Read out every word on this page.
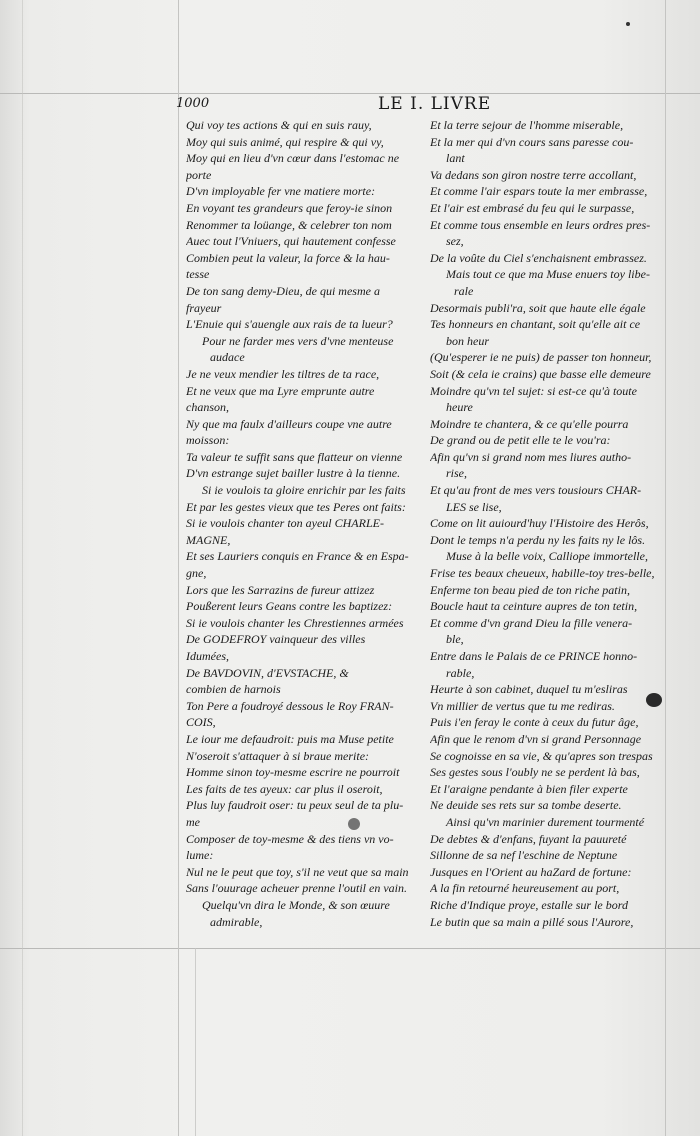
1000	LE I. LIVRE
Qui voy tes actions & qui en suis rauy,
Moy qui suis animé, qui respire & qui vy,
Moy qui en lieu d'vn cœur dans l'estomac ne
porte
D'vn imployable fer vne matiere morte:
En voyant tes grandeurs que feroy-ie sinon
Renommer ta loüange, & celebrer ton nom
Auec tout l'Vniuers, qui hautement confesse
Combien peut la valeur, la force & la hau-
tesse
De ton sang demy-Dieu, de qui mesme a
frayeur
L'Enuie qui s'auengle aux rais de ta lueur?
Pour ne farder mes vers d'vne menteuse
audace
Je ne veux mendier les tiltres de ta race,
Et ne veux que ma Lyre emprunte autre
chanson,
Ny que ma faulx d'ailleurs coupe vne autre
moisson:
Ta valeur te suffit sans que flatteur on vienne
D'vn estrange sujet bailler lustre à la tienne.
Si ie voulois ta gloire enrichir par les faits
Et par les gestes vieux que tes Peres ont faits:
Si ie voulois chanter ton ayeul CHARLE-
MAGNE,
Et ses Lauriers conquis en France & en Espa-
gne,
Lors que les Sarrazins de fureur attizez
Poußerent leurs Geans contre les baptizez:
Si ie voulois chanter les Chrestiennes armées
De GODEFROY vainqueur des villes
Idumées,
De BAVDOVIN, d'EVSTACHE, &
combien de harnois
Ton Pere a foudroyé dessous le Roy FRAN-
COIS,
Le iour me defaudroit: puis ma Muse petite
N'oseroit s'attaquer à si braue merite:
Homme sinon toy-mesme escrire ne pourroit
Les faits de tes ayeux: car plus il oseroit,
Plus luy faudroit oser: tu peux seul de ta plu-
me
Composer de toy-mesme & des tiens vn vo-
lume:
Nul ne le peut que toy, s'il ne veut que sa main
Sans l'ouurage acheuer prenne l'outil en vain.
Quelqu'vn dira le Monde, & son œuure
admirable,
Et la terre sejour de l'homme miserable,
Et la mer qui d'vn cours sans paresse cou-
lant
Va dedans son giron nostre terre accollant,
Et comme l'air espars toute la mer embrasse,
Et l'air est embrasé du feu qui le surpasse,
Et comme tous ensemble en leurs ordres pres-
sez,
De la voûte du Ciel s'enchaisnent embrassez.
Mais tout ce que ma Muse enuers toy libe-
rale
Desormais publi'ra, soit que haute elle égale
Tes honneurs en chantant, soit qu'elle ait ce
bon heur
(Qu'esperer ie ne puis) de passer ton honneur,
Soit (& cela ie crains) que basse elle demeure
Moindre qu'vn tel sujet: si est-ce qu'à toute
heure
Moindre te chantera, & ce qu'elle pourra
De grand ou de petit elle te le vou'ra:
Afin qu'vn si grand nom mes liures autho-
rise,
Et qu'au front de mes vers tousiours CHAR-
LES se lise,
Come on lit auiourd'huy l'Histoire des Herôs,
Dont le temps n'a perdu ny les faits ny le lôs.
Muse à la belle voix, Calliope immortelle,
Frise tes beaux cheueux, habille-toy tres-belle,
Enferme ton beau pied de ton riche patin,
Boucle haut ta ceinture aupres de ton tetin,
Et comme d'vn grand Dieu la fille venera-
ble,
Entre dans le Palais de ce PRINCE honno-
rable,
Heurte à son cabinet, duquel tu m'esliras
Vn millier de vertus que tu me rediras.
Puis i'en feray le conte à ceux du futur âge,
Afin que le renom d'vn si grand Personnage
Se cognoisse en sa vie, & qu'apres son trespas
Ses gestes sous l'oubly ne se perdent là bas,
Et l'araigne pendante à bien filer experte
Ne deuide ses rets sur sa tombe deserte.
Ainsi qu'vn marinier durement tourmenté
De debtes & d'enfans, fuyant la pauureté
Sillonne de sa nef l'eschine de Neptune
Jusques en l'Orient au haZard de fortune:
A la fin retourné heureusement au port,
Riche d'Indique proye, estalle sur le bord
Le butin que sa main a pillé sous l'Aurore,
